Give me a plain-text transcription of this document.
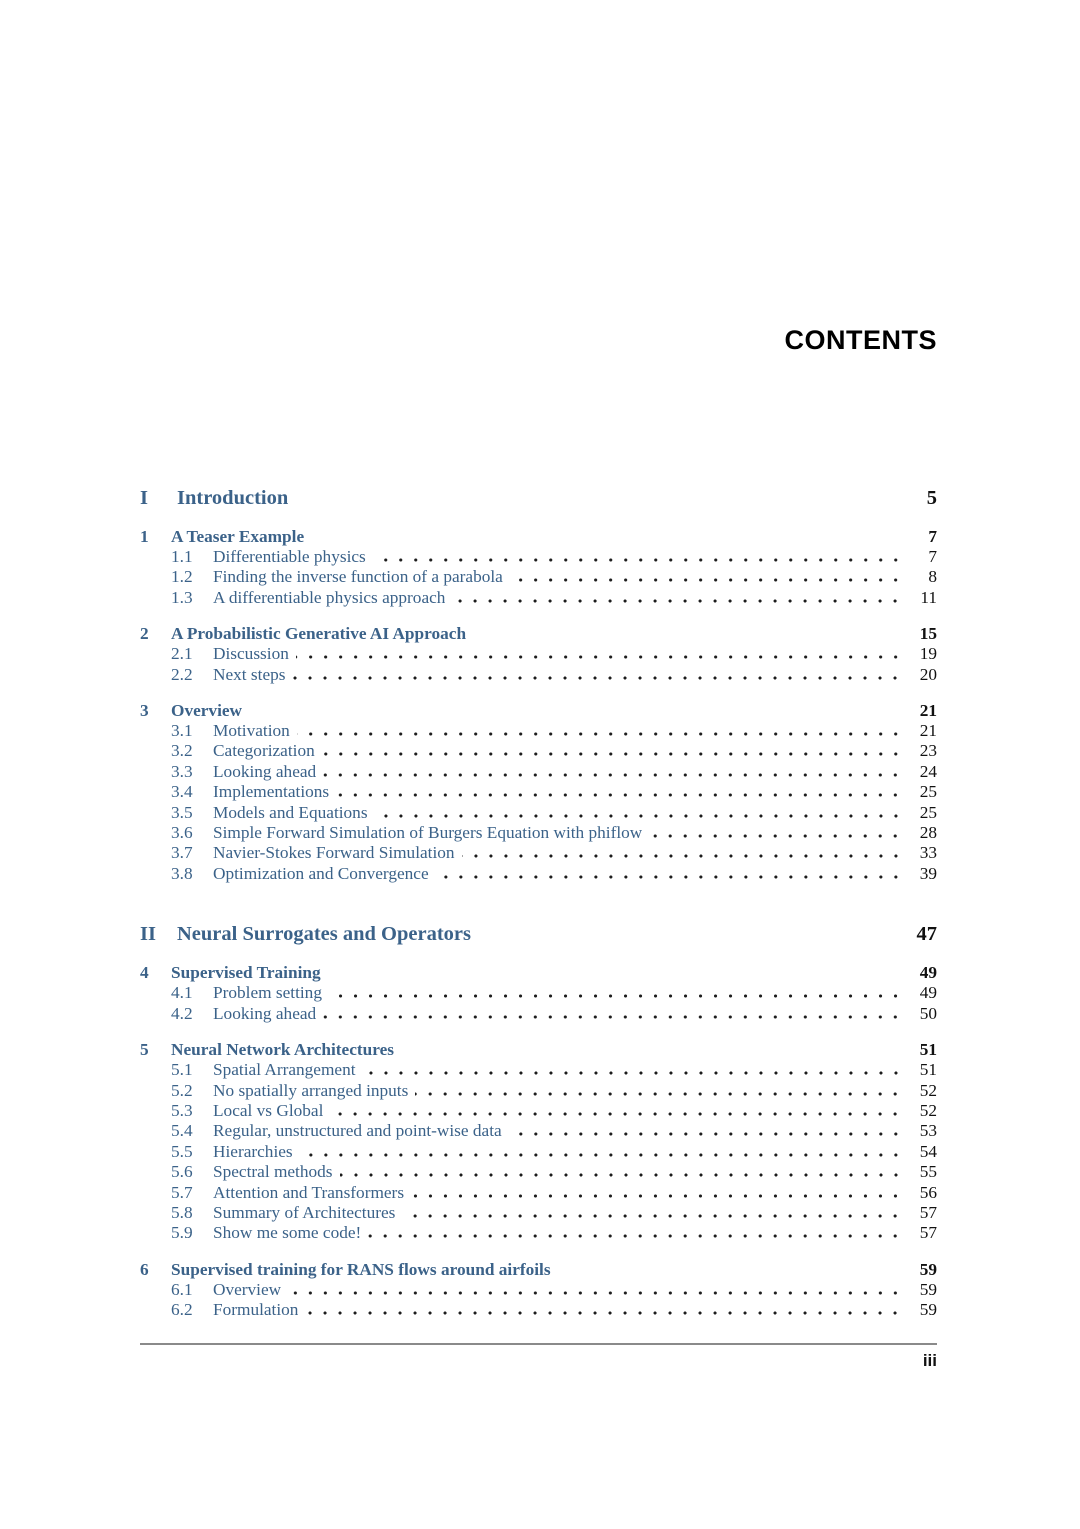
CONTENTS
I	Introduction	5
1	A Teaser Example	7
1.1	Differentiable physics	7
1.2	Finding the inverse function of a parabola	8
1.3	A differentiable physics approach	11
2	A Probabilistic Generative AI Approach	15
2.1	Discussion	19
2.2	Next steps	20
3	Overview	21
3.1	Motivation	21
3.2	Categorization	23
3.3	Looking ahead	24
3.4	Implementations	25
3.5	Models and Equations	25
3.6	Simple Forward Simulation of Burgers Equation with phiflow	28
3.7	Navier-Stokes Forward Simulation	33
3.8	Optimization and Convergence	39
II	Neural Surrogates and Operators	47
4	Supervised Training	49
4.1	Problem setting	49
4.2	Looking ahead	50
5	Neural Network Architectures	51
5.1	Spatial Arrangement	51
5.2	No spatially arranged inputs	52
5.3	Local vs Global	52
5.4	Regular, unstructured and point-wise data	53
5.5	Hierarchies	54
5.6	Spectral methods	55
5.7	Attention and Transformers	56
5.8	Summary of Architectures	57
5.9	Show me some code!	57
6	Supervised training for RANS flows around airfoils	59
6.1	Overview	59
6.2	Formulation	59
iii
